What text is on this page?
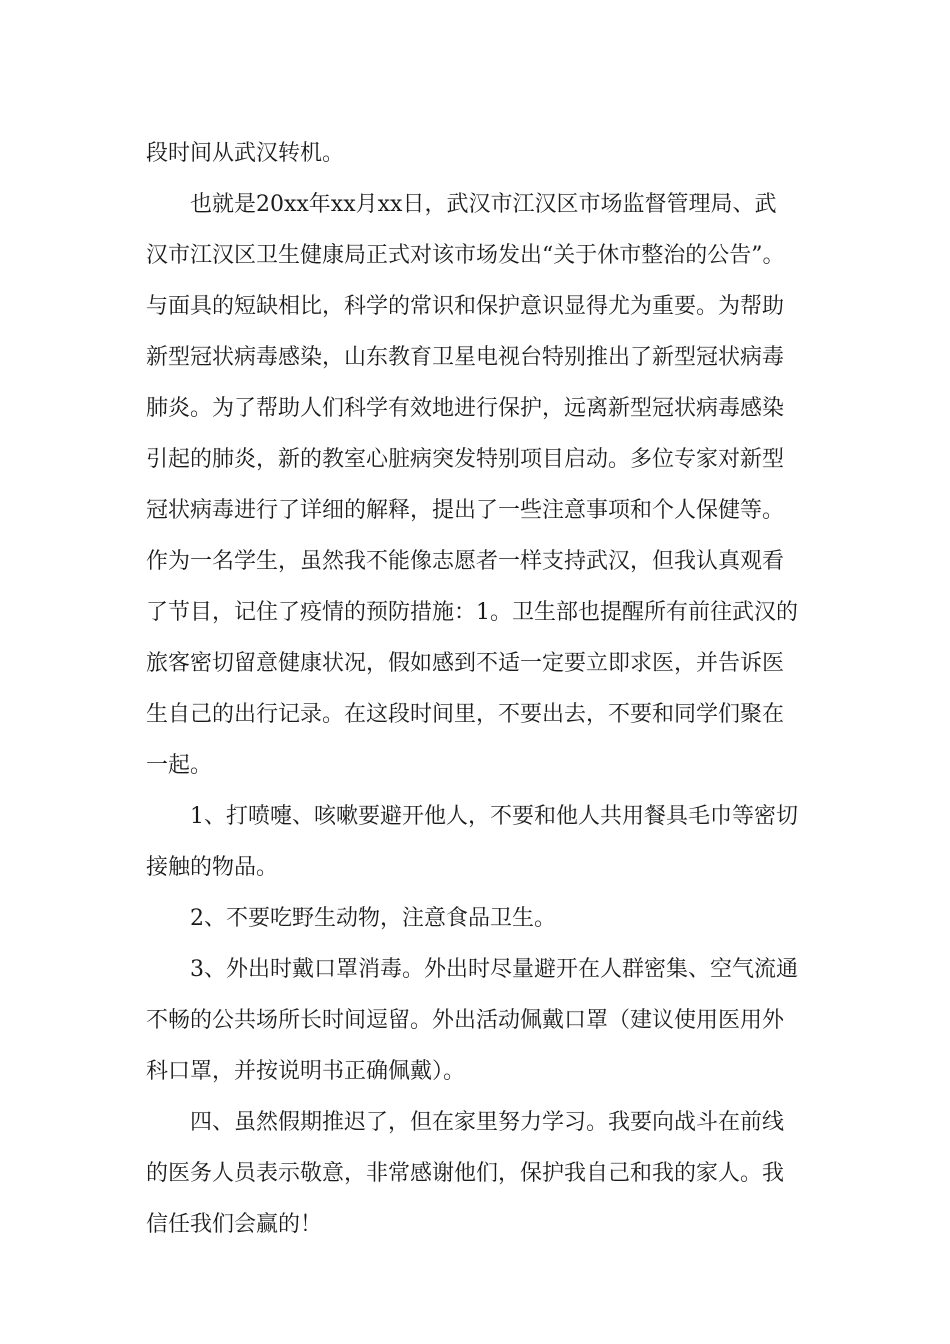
段时间从武汉转机。
也就是20xx年xx月xx日，武汉市江汉区市场监督管理局、武
汉市江汉区卫生健康局正式对该市场发出“关于休市整治的公告”。
与面具的短缺相比，科学的常识和保护意识显得尤为重要。为帮助
新型冠状病毒感染，山东教育卫星电视台特别推出了新型冠状病毒
肺炎。为了帮助人们科学有效地进行保护，远离新型冠状病毒感染
引起的肺炎，新的教室心脏病突发特别项目启动。多位专家对新型
冠状病毒进行了详细的解释，提出了一些注意事项和个人保健等。
作为一名学生，虽然我不能像志愿者一样支持武汉，但我认真观看
了节目，记住了疫情的预防措施：1。卫生部也提醒所有前往武汉的
旅客密切留意健康状况，假如感到不适一定要立即求医，并告诉医
生自己的出行记录。在这段时间里，不要出去，不要和同学们聚在
一起。
1、打喷嚏、咳嗽要避开他人，不要和他人共用餐具毛巾等密切
接触的物品。
2、不要吃野生动物，注意食品卫生。
3、外出时戴口罩消毒。外出时尽量避开在人群密集、空气流通
不畅的公共场所长时间逗留。外出活动佩戴口罩（建议使用医用外
科口罩，并按说明书正确佩戴）。
四、虽然假期推迟了，但在家里努力学习。我要向战斗在前线
的医务人员表示敬意，非常感谢他们，保护我自己和我的家人。我
信任我们会赢的！
